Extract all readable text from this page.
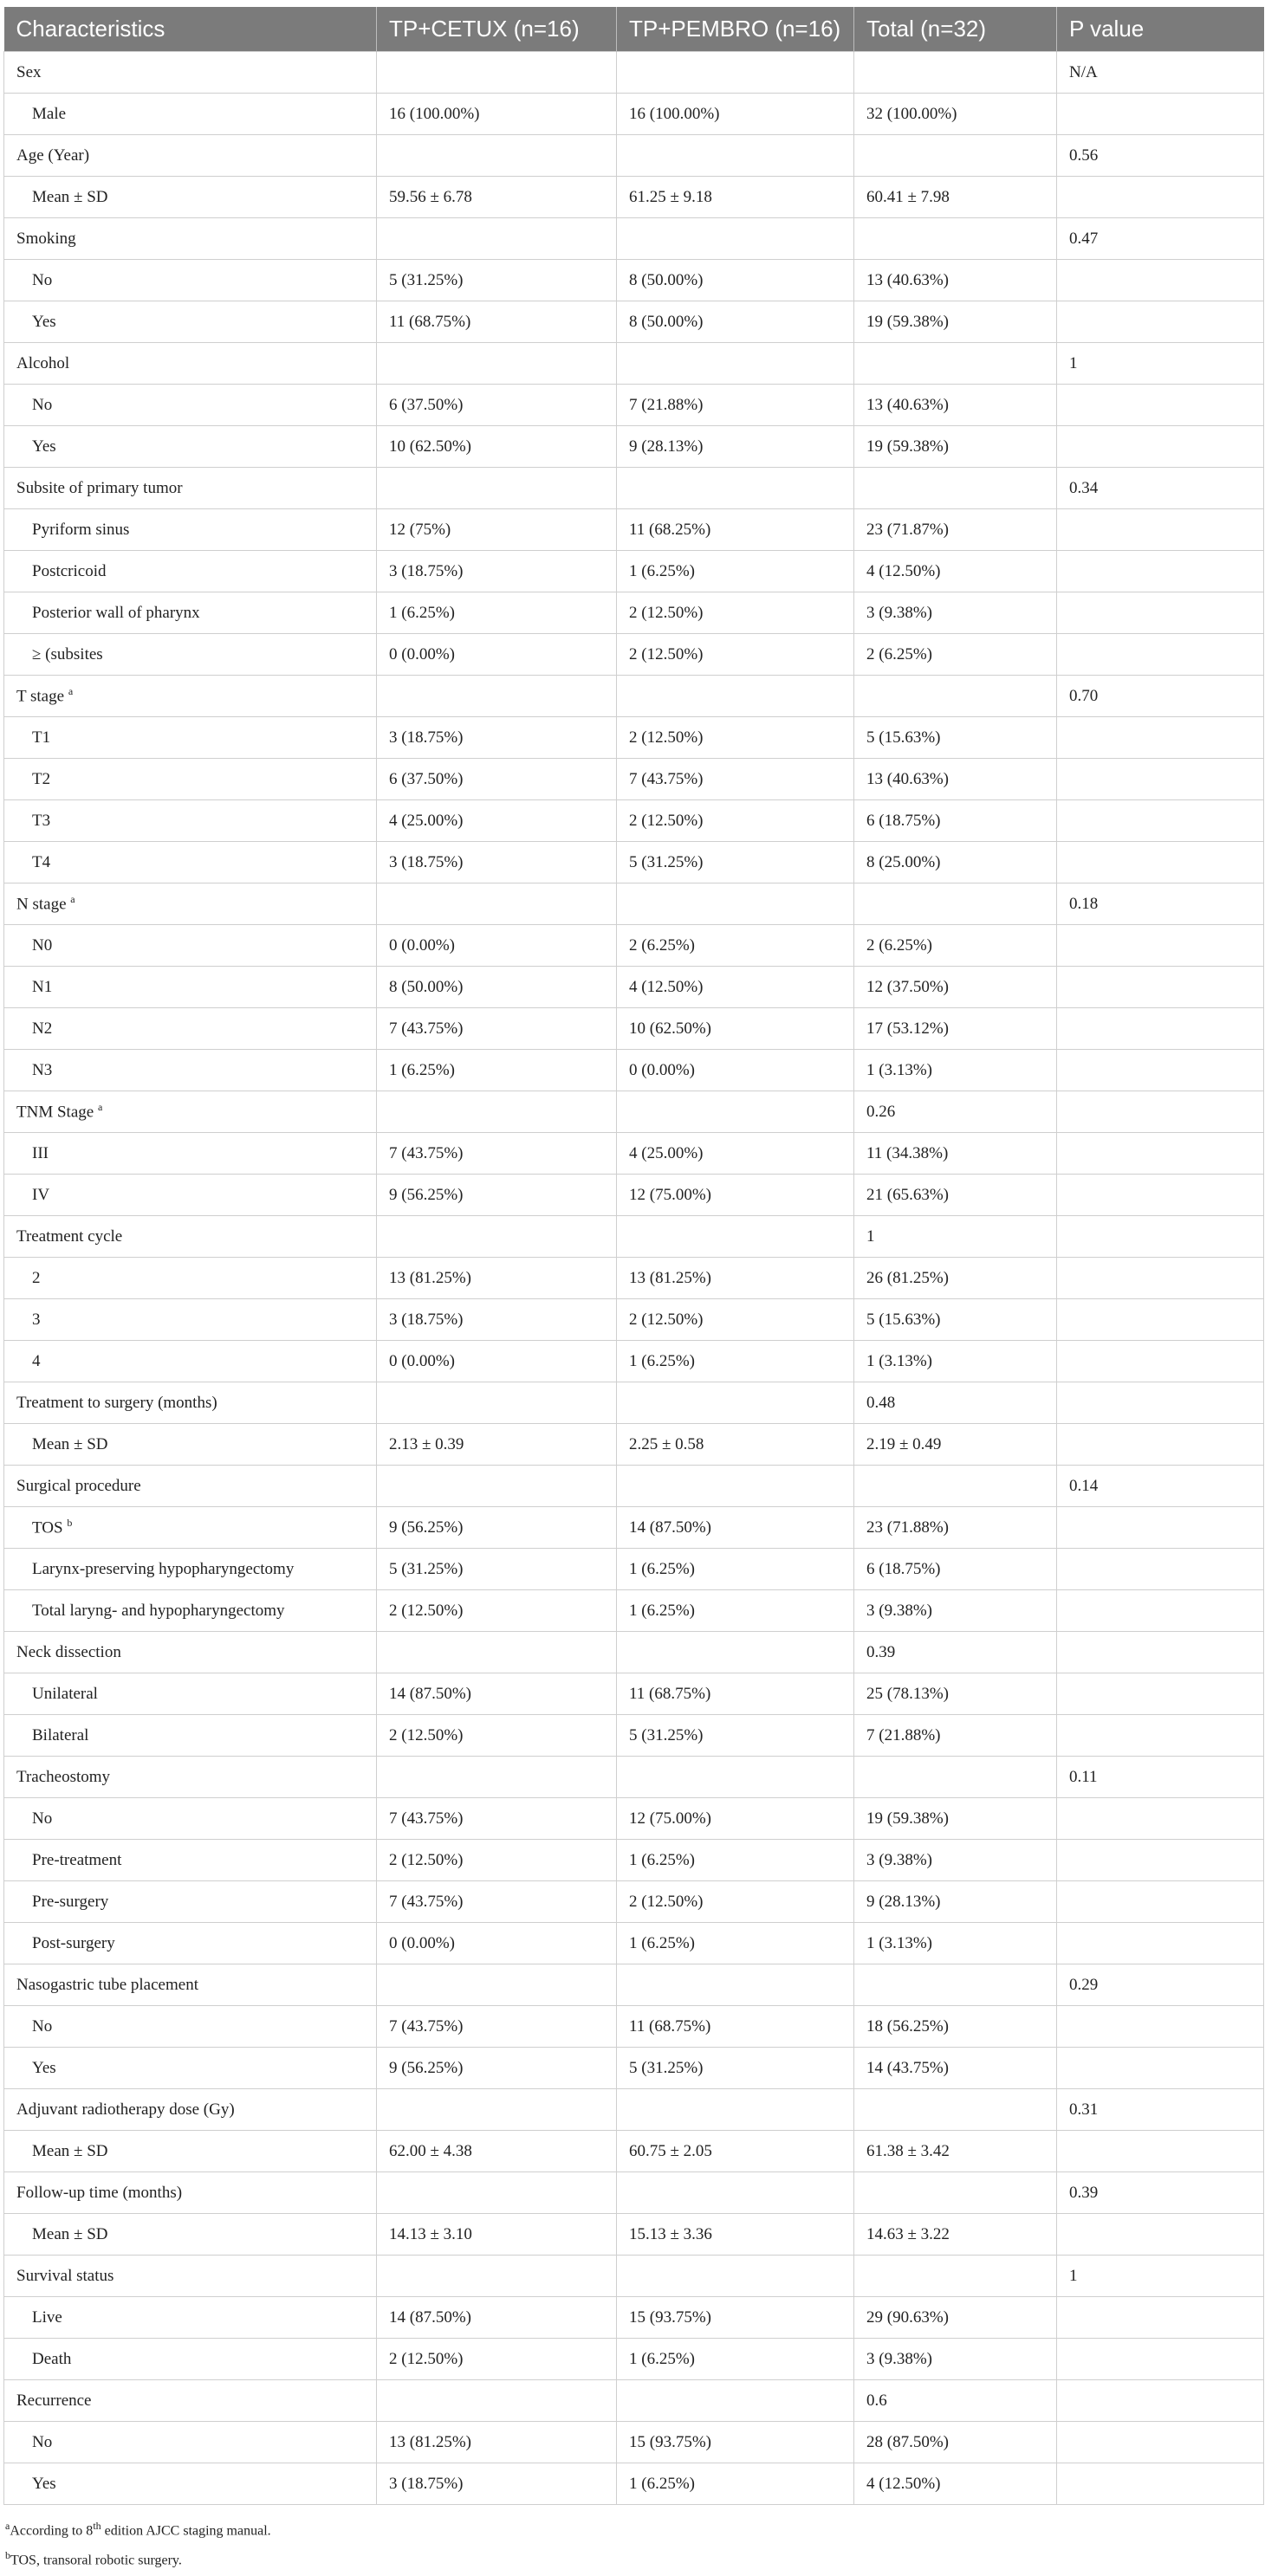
Characteristics	TP+CETUX (n=16)	TP+PEMBRO (n=16)	Total (n=32)	P value
Sex				N/A
Male	16 (100.00%)	16 (100.00%)	32 (100.00%)	
Age (Year)				0.56
Mean ± SD	59.56 ± 6.78	61.25 ± 9.18	60.41 ± 7.98	
Smoking				0.47
No	5 (31.25%)	8 (50.00%)	13 (40.63%)	
Yes	11 (68.75%)	8 (50.00%)	19 (59.38%)	
Alcohol				1
No	6 (37.50%)	7 (21.88%)	13 (40.63%)	
Yes	10 (62.50%)	9 (28.13%)	19 (59.38%)	
Subsite of primary tumor				0.34
Pyriform sinus	12 (75%)	11 (68.25%)	23 (71.87%)	
Postcricoid	3 (18.75%)	1 (6.25%)	4 (12.50%)	
Posterior wall of pharynx	1 (6.25%)	2 (12.50%)	3 (9.38%)	
≥ (subsites	0 (0.00%)	2 (12.50%)	2 (6.25%)	
T stage $^a$				0.70
T1	3 (18.75%)	2 (12.50%)	5 (15.63%)	
T2	6 (37.50%)	7 (43.75%)	13 (40.63%)	
T3	4 (25.00%)	2 (12.50%)	6 (18.75%)	
T4	3 (18.75%)	5 (31.25%)	8 (25.00%)	
N stage $^a$				0.18
N0	0 (0.00%)	2 (6.25%)	2 (6.25%)	
N1	8 (50.00%)	4 (12.50%)	12 (37.50%)	
N2	7 (43.75%)	10 (62.50%)	17 (53.12%)	
N3	1 (6.25%)	0 (0.00%)	1 (3.13%)	
TNM Stage $^a$			0.26	
III	7 (43.75%)	4 (25.00%)	11 (34.38%)	
IV	9 (56.25%)	12 (75.00%)	21 (65.63%)	
Treatment cycle			1	
2	13 (81.25%)	13 (81.25%)	26 (81.25%)	
3	3 (18.75%)	2 (12.50%)	5 (15.63%)	
4	0 (0.00%)	1 (6.25%)	1 (3.13%)	
Treatment to surgery (months)			0.48	
Mean ± SD	2.13 ± 0.39	2.25 ± 0.58	2.19 ± 0.49	
Surgical procedure				0.14
TOS $^b$	9 (56.25%)	14 (87.50%)	23 (71.88%)	
Larynx-preserving hypopharyngectomy	5 (31.25%)	1 (6.25%)	6 (18.75%)	
Total laryng- and hypopharyngectomy	2 (12.50%)	1 (6.25%)	3 (9.38%)	
Neck dissection			0.39	
Unilateral	14 (87.50%)	11 (68.75%)	25 (78.13%)	
Bilateral	2 (12.50%)	5 (31.25%)	7 (21.88%)	
Tracheostomy				0.11
No	7 (43.75%)	12 (75.00%)	19 (59.38%)	
Pre-treatment	2 (12.50%)	1 (6.25%)	3 (9.38%)	
Pre-surgery	7 (43.75%)	2 (12.50%)	9 (28.13%)	
Post-surgery	0 (0.00%)	1 (6.25%)	1 (3.13%)	
Nasogastric tube placement				0.29
No	7 (43.75%)	11 (68.75%)	18 (56.25%)	
Yes	9 (56.25%)	5 (31.25%)	14 (43.75%)	
Adjuvant radiotherapy dose (Gy)				0.31
Mean ± SD	62.00 ± 4.38	60.75 ± 2.05	61.38 ± 3.42	
Follow-up time (months)				0.39
Mean ± SD	14.13 ± 3.10	15.13 ± 3.36	14.63 ± 3.22	
Survival status				1
Live	14 (87.50%)	15 (93.75%)	29 (90.63%)	
Death	2 (12.50%)	1 (6.25%)	3 (9.38%)	
Recurrence			0.6	
No	13 (81.25%)	15 (93.75%)	28 (87.50%)	
Yes	3 (18.75%)	1 (6.25%)	4 (12.50%)	
$^a$According to 8th edition AJCC staging manual.
$^b$TOS, transoral robotic surgery.
